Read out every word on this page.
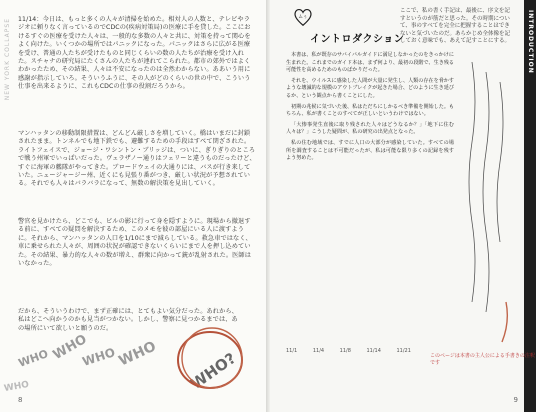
NEW YORK COLLAPSE 11/14：今日は、もっと多くの人々が清掃を始めた。相対人の人数と、テレビやラジオに頼りなく言っているのでCDCの(疾病対策局)の医療に手を貸した。ここにおけるすぐの医療を受けた人々は、一般的な多数の人々と共に、対策を持って関心をよく向けた。いくつかの場所ではパニックになった。パニックはさらに広がる医療を受け、普通の人たちが受けたものと同じくらいの数の人たちが治療を受け入れた。スチャナの研究局にたくさんの人たちが連れてこられた。都市の郊外ではよくわかったため、その結果、人々は不安になったのは全然わからない。ああいう用に感謝が指示していろ。そういうふうに、その人がどのくらいの世の中で、こういう仕事を出来るように、これもCDCの仕事の役割だろうから。

マンハッタンの移動制限措置は、どんどん厳しさを増していく。橋はいまだに封鎖されたまま。トンネルでも地下鉄でも、避難するための手段はすべて閉ざされた。ライトフェイスで、ジョージ・ワシントン・ブリッジは、ついに、ぎりぎりのところで戦う州軍でいっぱいだった。ヴェラザノー通りはフェリーと違うものだったけど、すぐに海軍の艦隊がやってきた。ブロードウェイの大通りには、バスが行き来していた。ニュージャージー州、近くにも見張り番がつき、厳しい状況が予想されている。それでも人々はバラバラになって、無数の解決策を見出していく。

警官を見かけたら、どこでも、ビルの影に行って身を隠すように。現場から撤退する前に、すべての疑問を解決するため、このメモを彼の部屋にいる人に渡すように。それから、マンハッタンの人口を1/10にまで減らしている。救急車ではなく、車に乗せられた人々が、周囲の状況が確認できないくらいにまで人を押し込めていた。その結果、暴力的な人々の数が増え、群衆に向かって銃が乱射された。医師はいなかった。

だから、そういうわけで、まず正確には、とてもよい気分だった。あれから、私はどこへ向かうのかも見当がつかない。しかし、警察に見つかるまでは、あの場所にいて欲しいと願うのだ。

WHO WHO
WHO WHO WHO?
WHO
8
INTRODUCTION
ムぅ
イントロダクション
ここで、私の書く手記は、最後に、序文を記すというのが筋だと思った。その時期について、事のすべてを完全に把握することはできないと気づいたのだ。あらかじめ全体像を記しておく意味でも、あえて記すことにする。

本書は、私が既存のサバイバルガイドに満足しなかったのをきっかけに生まれた。これまでのガイド本は、まず何より、最初の段階で、生き残る可能性を高めるためのものばかりだった。

それを、ウイルスに感染した人間が大量に発生し、人類の存在を脅かすような壊滅的な規模のアウトブレイクが起きた場合、どのように生き延びるか、という観点から書くことにした。

初期の兆候に気づいた後、私はただちにしかるべき準備を開始した。もちろん、私が書くことのすべてが正しいというわけではない。

「大惨事発生直後に取り残された人々はどうなるか？」「地下に住む人々は？」こうした疑問が、私の研究の出発点となった。

私の住む地域では、すでに人口の大部分が感染していた。すべての場所を調査することは不可能だったが、私は可能な限り多くの記録を残すよう努めた。

11/1	11/4	11/8	11/14	11/21
このページは本書の主人公による手書きの注釈です
9
